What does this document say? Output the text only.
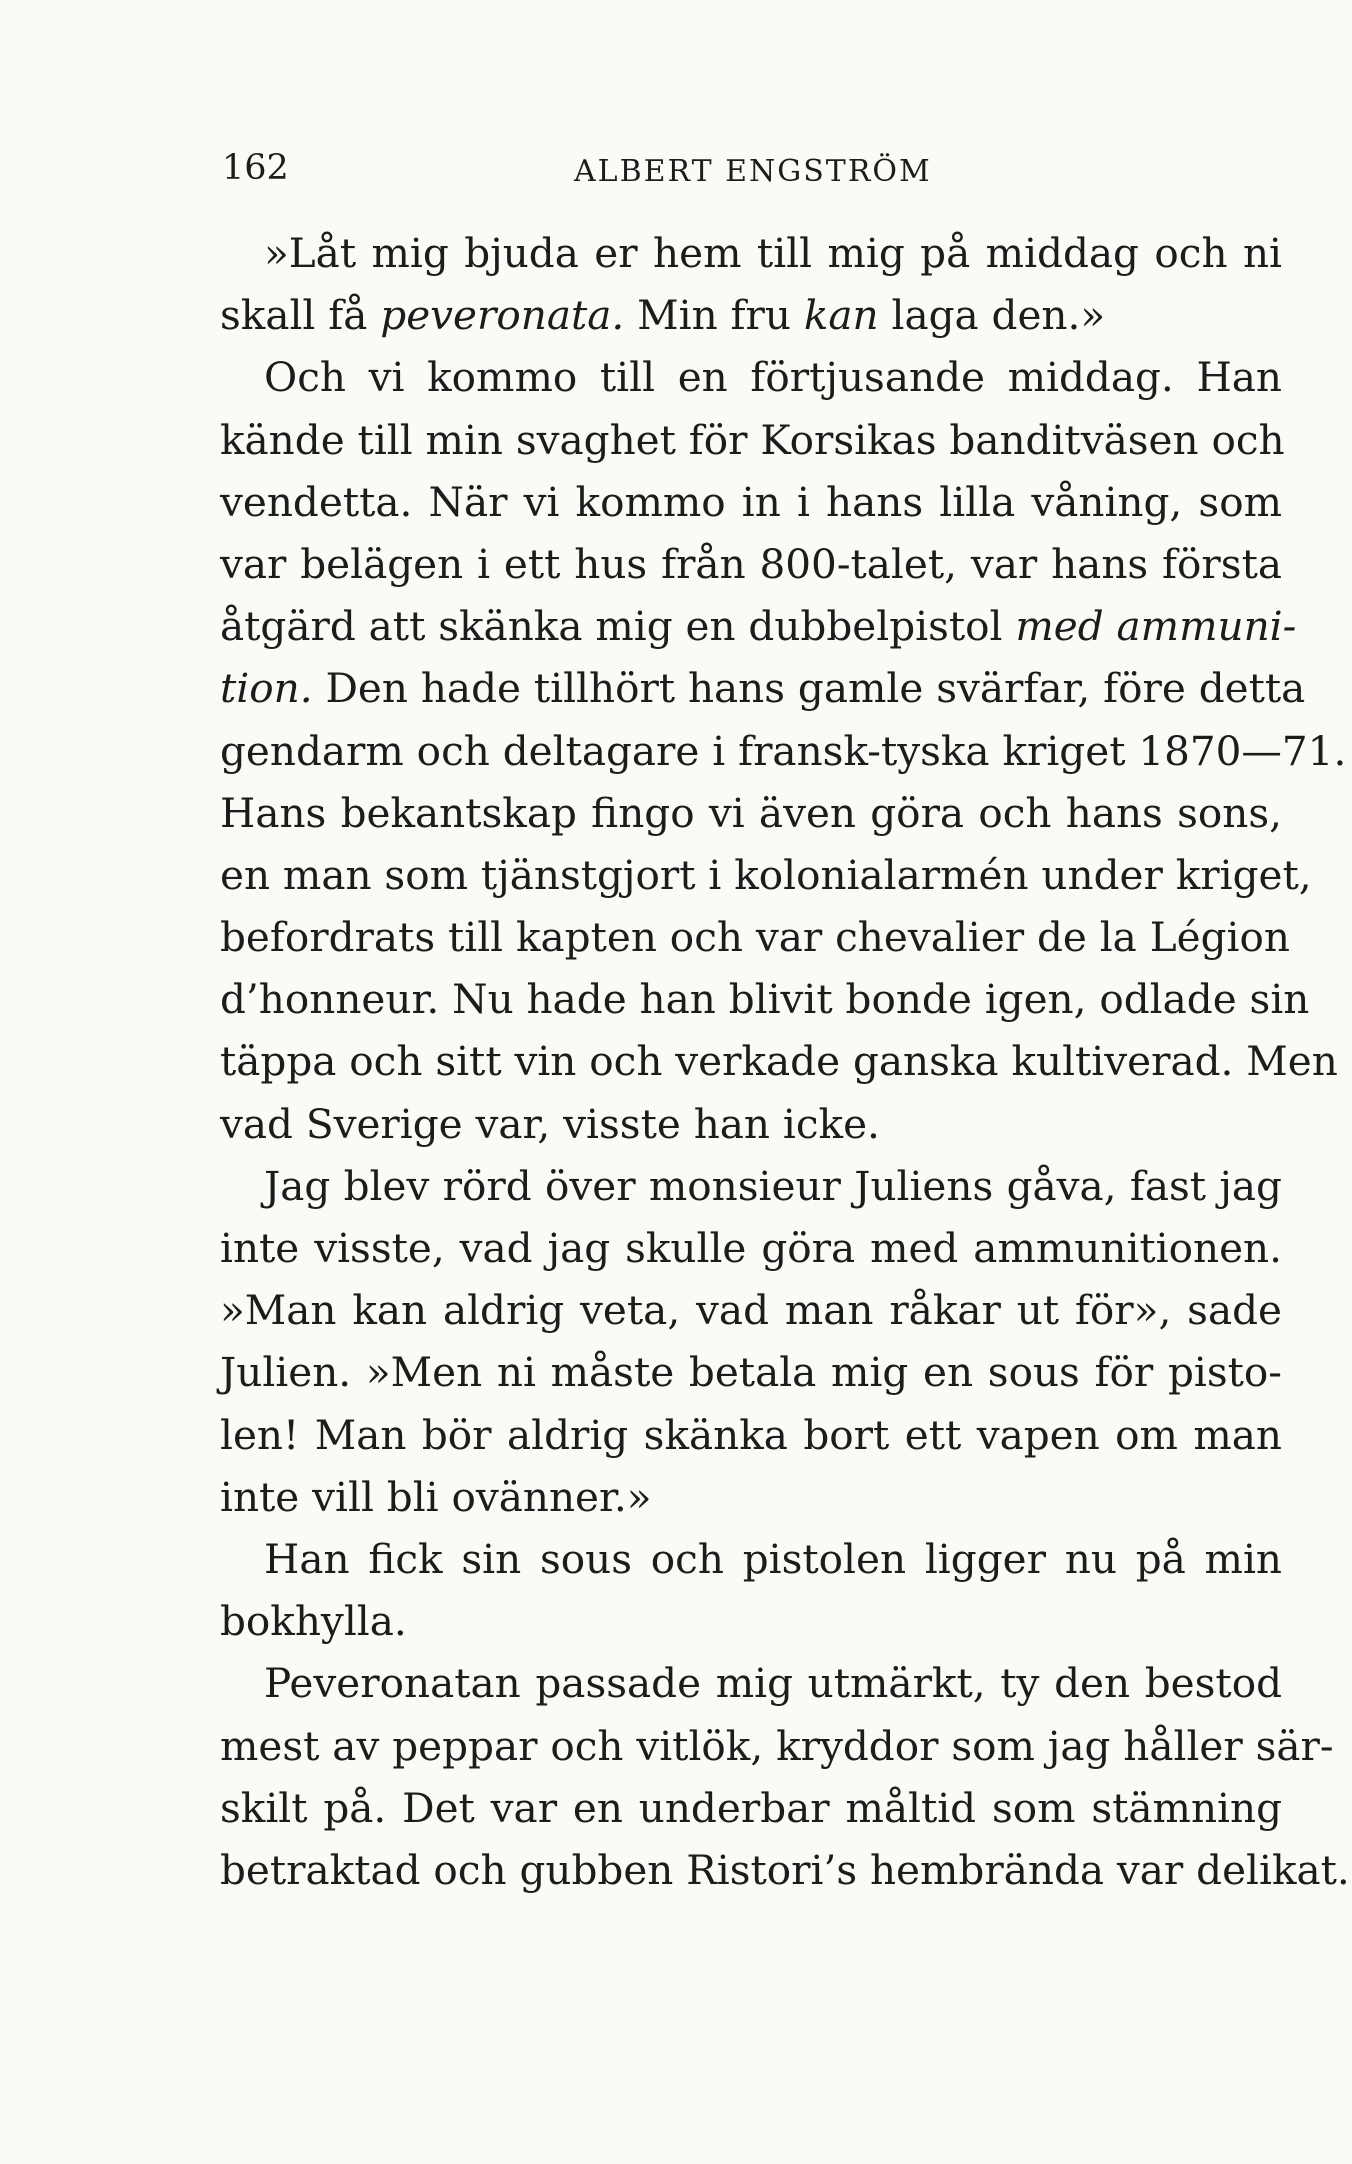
162	ALBERT ENGSTRÖM
»Låt mig bjuda er hem till mig på middag och ni
skall få peveronata. Min fru kan laga den.»
Och vi kommo till en förtjusande middag. Han
kände till min svaghet för Korsikas banditväsen och
vendetta. När vi kommo in i hans lilla våning, som
var belägen i ett hus från 800-talet, var hans första
åtgärd att skänka mig en dubbelpistol med ammuni-
tion. Den hade tillhört hans gamle svärfar, före detta
gendarm och deltagare i fransk-tyska kriget 1870—71.
Hans bekantskap fingo vi även göra och hans sons,
en man som tjänstgjort i kolonialarmén under kriget,
befordrats till kapten och var chevalier de la Légion
d’honneur. Nu hade han blivit bonde igen, odlade sin
täppa och sitt vin och verkade ganska kultiverad. Men
vad Sverige var, visste han icke.
Jag blev rörd över monsieur Juliens gåva, fast jag
inte visste, vad jag skulle göra med ammunitionen.
»Man kan aldrig veta, vad man råkar ut för», sade
Julien. »Men ni måste betala mig en sous för pisto-
len! Man bör aldrig skänka bort ett vapen om man
inte vill bli ovänner.»
Han fick sin sous och pistolen ligger nu på min
bokhylla.
Peveronatan passade mig utmärkt, ty den bestod
mest av peppar och vitlök, kryddor som jag håller sär-
skilt på. Det var en underbar måltid som stämning
betraktad och gubben Ristori’s hembrända var delikat.
